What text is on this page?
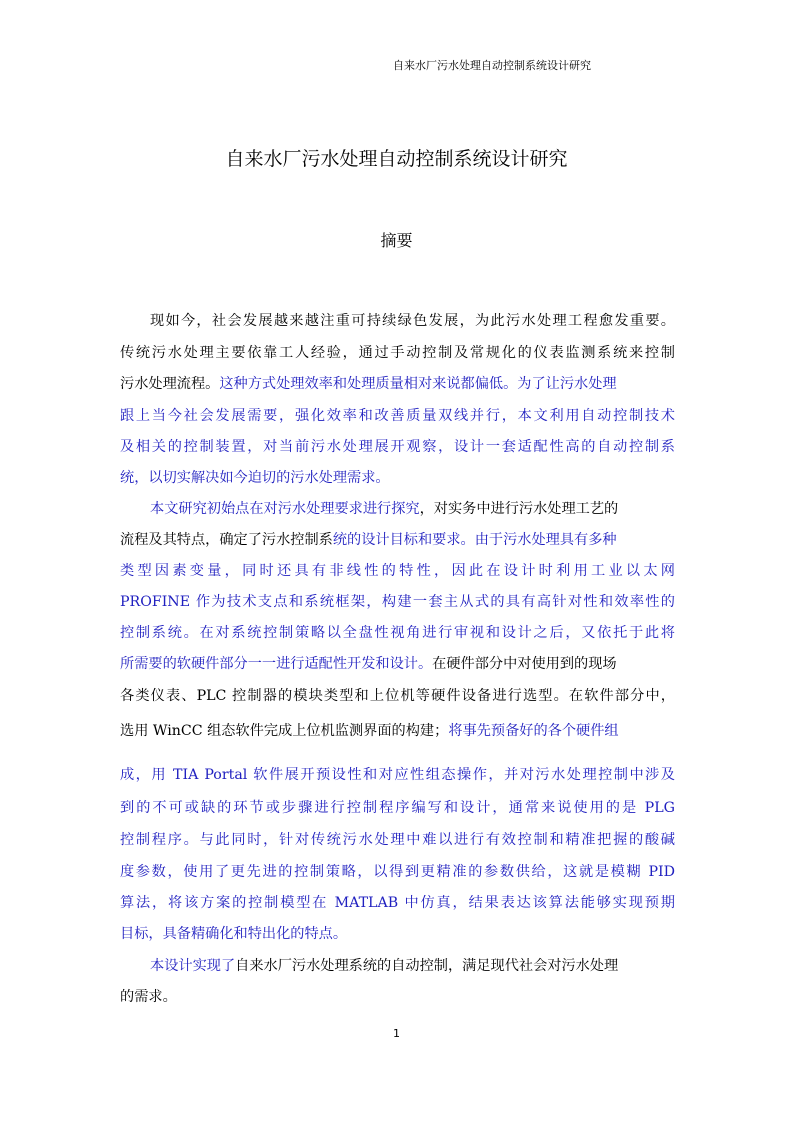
自来水厂污水处理自动控制系统设计研究
自来水厂污水处理自动控制系统设计研究
摘要
现如今，社会发展越来越注重可持续绿色发展，为此污水处理工程愈发重要。
传统污水处理主要依靠工人经验，通过手动控制及常规化的仪表监测系统来控制
污水处理流程。这种方式处理效率和处理质量相对来说都偏低。为了让污水处理
跟上当今社会发展需要，强化效率和改善质量双线并行，本文利用自动控制技术
及相关的控制装置，对当前污水处理展开观察，设计一套适配性高的自动控制系
统，以切实解决如今迫切的污水处理需求。
本文研究初始点在对污水处理要求进行探究，对实务中进行污水处理工艺的
流程及其特点，确定了污水控制系统的设计目标和要求。由于污水处理具有多种
类型因素变量，同时还具有非线性的特性，因此在设计时利用工业以太网
PROFINE 作为技术支点和系统框架，构建一套主从式的具有高针对性和效率性的
控制系统。在对系统控制策略以全盘性视角进行审视和设计之后，又依托于此将
所需要的软硬件部分一一进行适配性开发和设计。在硬件部分中对使用到的现场
各类仪表、PLC 控制器的模块类型和上位机等硬件设备进行选型。在软件部分中，
选用 WinCC 组态软件完成上位机监测界面的构建；将事先预备好的各个硬件组
成，用 TIA Portal 软件展开预设性和对应性组态操作，并对污水处理控制中涉及
到的不可或缺的环节或步骤进行控制程序编写和设计，通常来说使用的是 PLG
控制程序。与此同时，针对传统污水处理中难以进行有效控制和精准把握的酸碱
度参数，使用了更先进的控制策略，以得到更精准的参数供给，这就是模糊 PID
算法，将该方案的控制模型在 MATLAB 中仿真，结果表达该算法能够实现预期
目标，具备精确化和特出化的特点。
本设计实现了自来水厂污水处理系统的自动控制，满足现代社会对污水处理
的需求。
1
